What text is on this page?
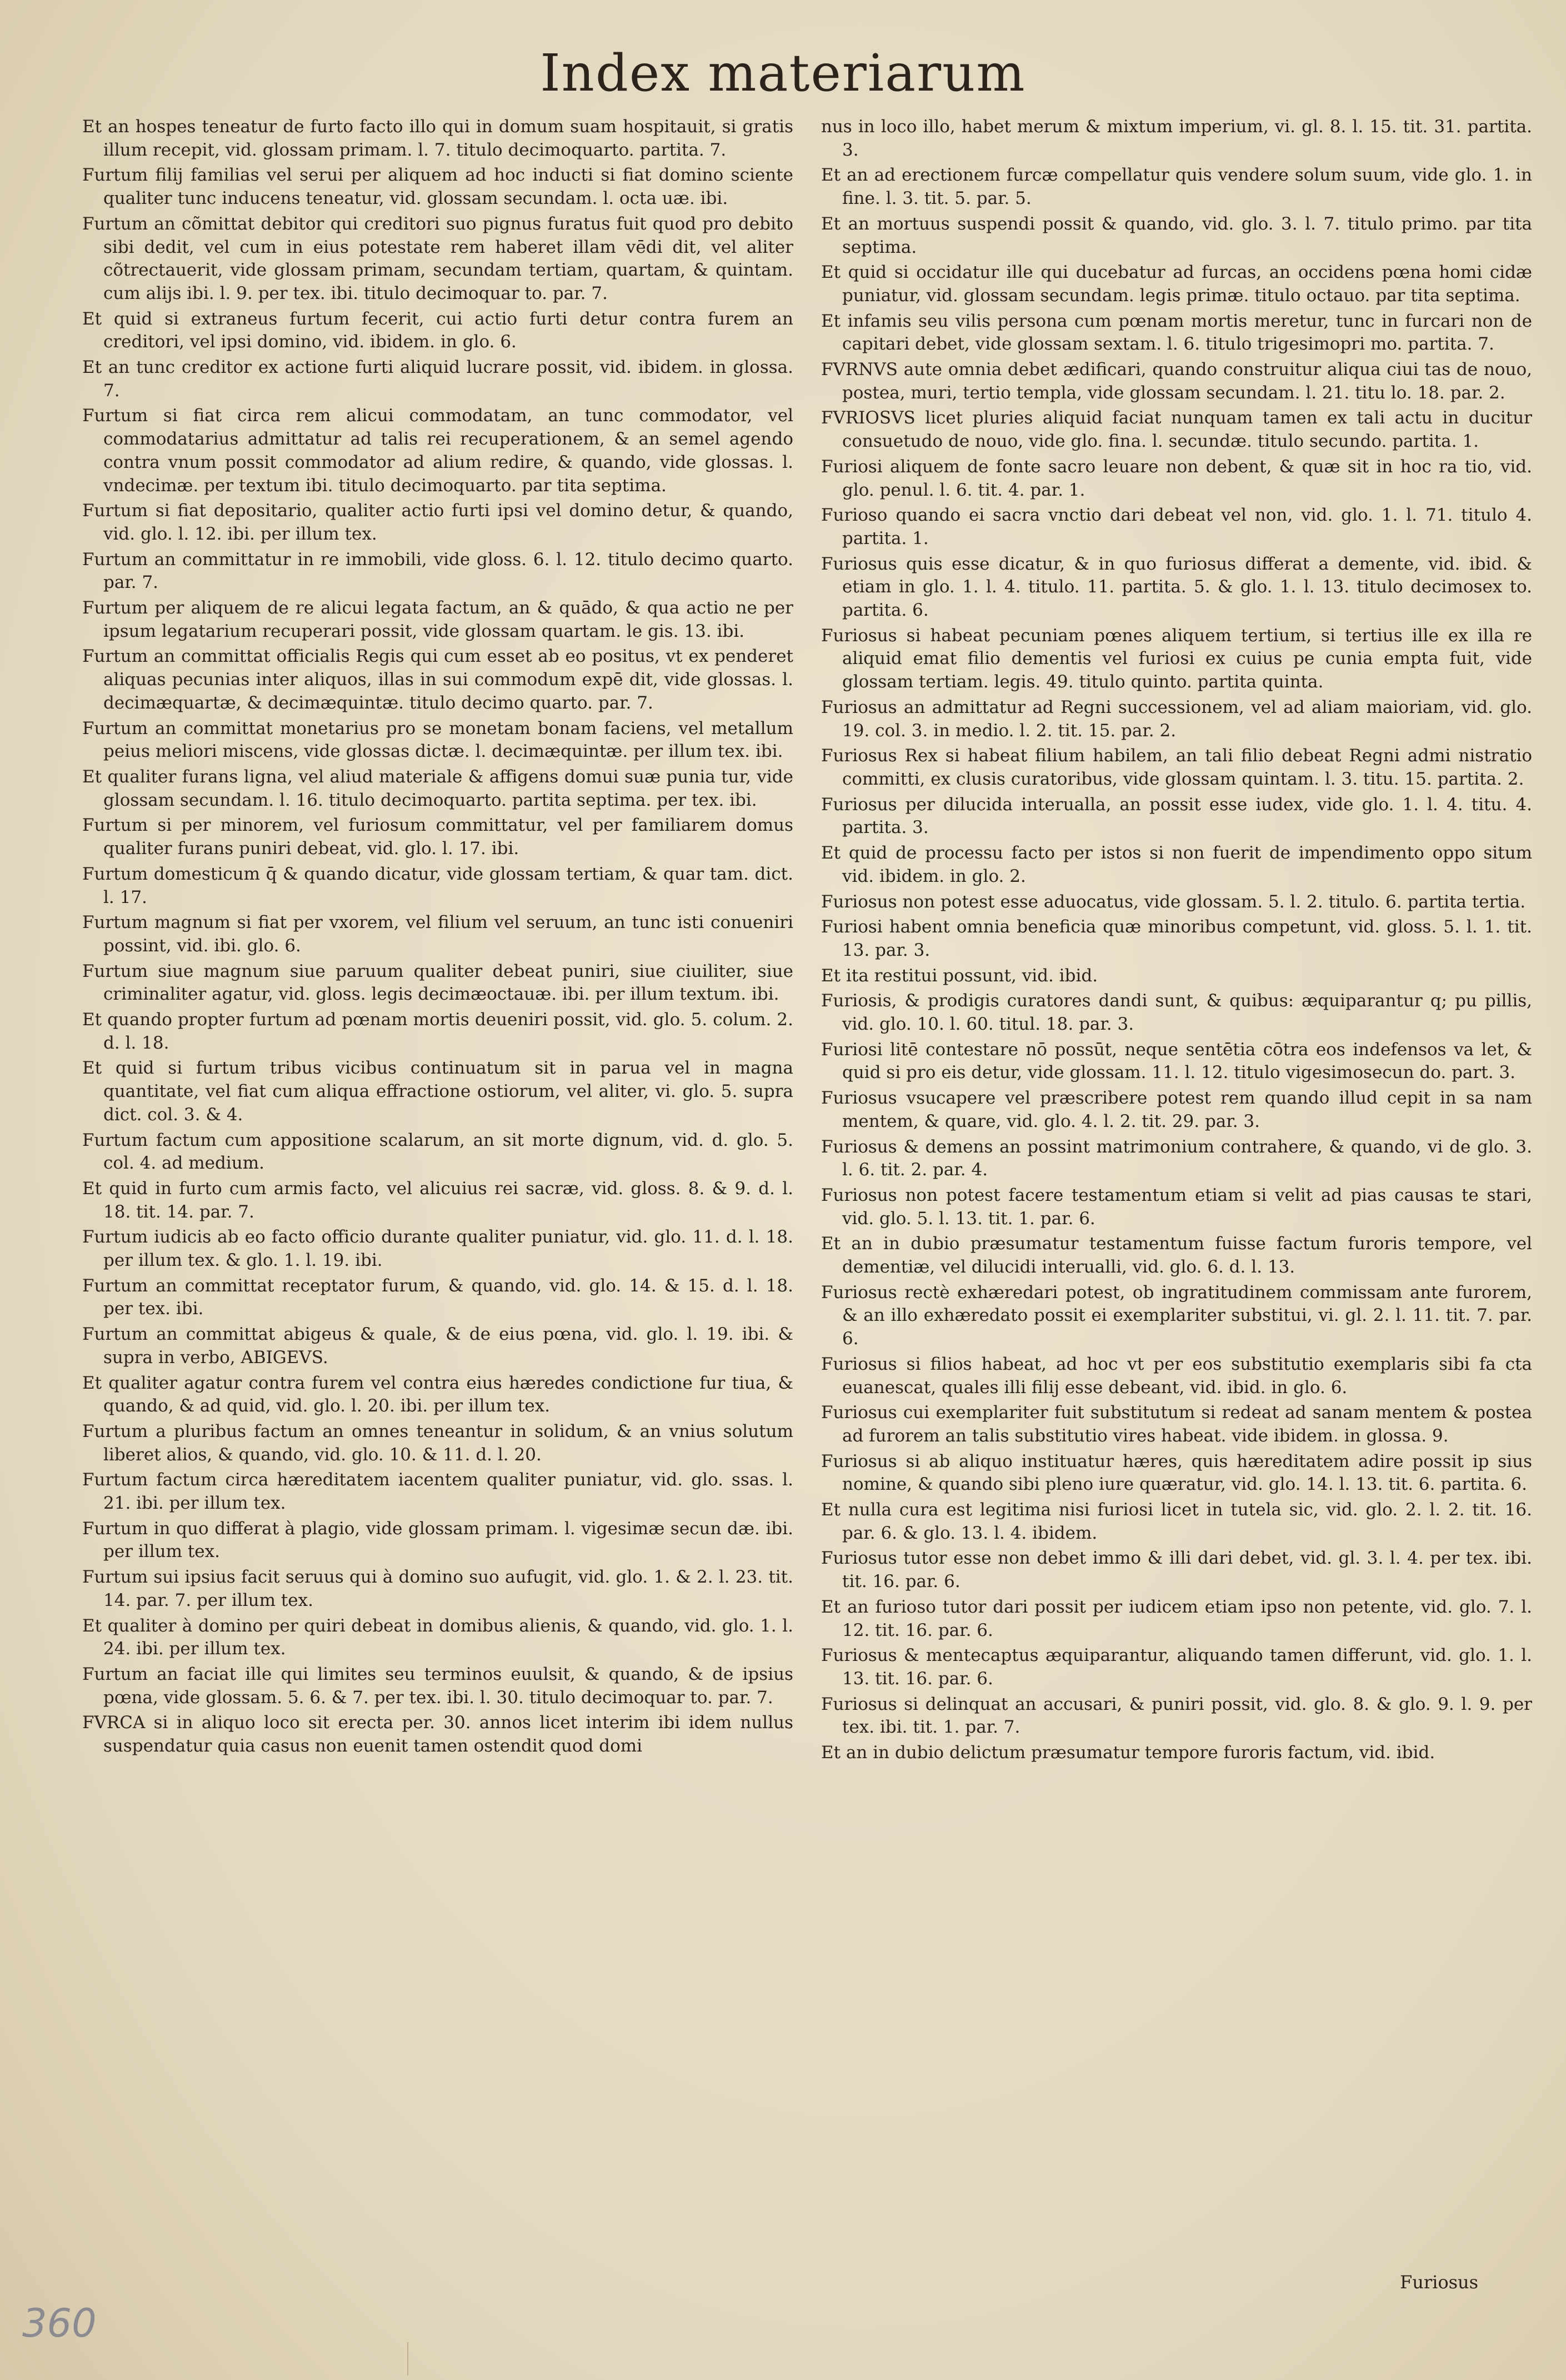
Index materiarum

Et an hospes teneatur de furto facto illo qui in domum suam hospitauit, si gratis illum recepit, vid. glossam primam. l. 7. titulo decimoquarto. partita. 7.

Furtum filij familias vel serui per aliquem ad hoc inducti si fiat domino sciente qualiter tunc inducens teneatur, vid. glossam secundam. l. octa uæ. ibi.

Furtum an cõmittat debitor qui creditori suo pignus furatus fuit quod pro debito sibi dedit, vel cum in eius potestate rem haberet illam vēdi dit, vel aliter cõtrectauerit, vide glossam primam, secundam tertiam, quartam, & quintam. cum alijs ibi. l. 9. per tex. ibi. titulo decimoquar to. par. 7.

Et quid si extraneus furtum fecerit, cui actio furti detur contra furem an creditori, vel ipsi domino, vid. ibidem. in glo. 6.

Et an tunc creditor ex actione furti aliquid lucrare possit, vid. ibidem. in glossa. 7.

Furtum si fiat circa rem alicui commodatam, an tunc commodator, vel commodatarius admittatur ad talis rei recuperationem, & an semel agendo contra vnum possit commodator ad alium redire, & quando, vide glossas. l. vndecimæ. per textum ibi. titulo decimoquarto. par tita septima.

Furtum si fiat depositario, qualiter actio furti ipsi vel domino detur, & quando, vid. glo. l. 12. ibi. per illum tex.

Furtum an committatur in re immobili, vide gloss. 6. l. 12. titulo decimo quarto. par. 7.

Furtum per aliquem de re alicui legata factum, an & quādo, & qua actio ne per ipsum legatarium recuperari possit, vide glossam quartam. le gis. 13. ibi.

Furtum an committat officialis Regis qui cum esset ab eo positus, vt ex penderet aliquas pecunias inter aliquos, illas in sui commodum expē dit, vide glossas. l. decimæquartæ, & decimæquintæ. titulo decimo quarto. par. 7.

Furtum an committat monetarius pro se monetam bonam faciens, vel metallum peius meliori miscens, vide glossas dictæ. l. decimæquintæ. per illum tex. ibi.

Et qualiter furans ligna, vel aliud materiale & affigens domui suæ punia tur, vide glossam secundam. l. 16. titulo decimoquarto. partita septima. per tex. ibi.

Furtum si per minorem, vel furiosum committatur, vel per familiarem domus qualiter furans puniri debeat, vid. glo. l. 17. ibi.

Furtum domesticum q̄ & quando dicatur, vide glossam tertiam, & quar tam. dict. l. 17.

Furtum magnum si fiat per vxorem, vel filium vel seruum, an tunc isti conueniri possint, vid. ibi. glo. 6.

Furtum siue magnum siue paruum qualiter debeat puniri, siue ciuiliter, siue criminaliter agatur, vid. gloss. legis decimæoctauæ. ibi. per illum textum. ibi.

Et quando propter furtum ad pœnam mortis deueniri possit, vid. glo. 5. colum. 2. d. l. 18.

Et quid si furtum tribus vicibus continuatum sit in parua vel in magna quantitate, vel fiat cum aliqua effractione ostiorum, vel aliter, vi. glo. 5. supra dict. col. 3. & 4.

Furtum factum cum appositione scalarum, an sit morte dignum, vid. d. glo. 5. col. 4. ad medium.

Et quid in furto cum armis facto, vel alicuius rei sacræ, vid. gloss. 8. & 9. d. l. 18. tit. 14. par. 7.

Furtum iudicis ab eo facto officio durante qualiter puniatur, vid. glo. 11. d. l. 18. per illum tex. & glo. 1. l. 19. ibi.

Furtum an committat receptator furum, & quando, vid. glo. 14. & 15. d. l. 18. per tex. ibi.

Furtum an committat abigeus & quale, & de eius pœna, vid. glo. l. 19. ibi. & supra in verbo, ABIGEVS.

Et qualiter agatur contra furem vel contra eius hæredes condictione fur tiua, & quando, & ad quid, vid. glo. l. 20. ibi. per illum tex.

Furtum a pluribus factum an omnes teneantur in solidum, & an vnius solutum liberet alios, & quando, vid. glo. 10. & 11. d. l. 20.

Furtum factum circa hæreditatem iacentem qualiter puniatur, vid. glo. ssas. l. 21. ibi. per illum tex.

Furtum in quo differat à plagio, vide glossam primam. l. vigesimæ secun dæ. ibi. per illum tex.

Furtum sui ipsius facit seruus qui à domino suo aufugit, vid. glo. 1. & 2. l. 23. tit. 14. par. 7. per illum tex.

Et qualiter à domino per quiri debeat in domibus alienis, & quando, vid. glo. 1. l. 24. ibi. per illum tex.

Furtum an faciat ille qui limites seu terminos euulsit, & quando, & de ipsius pœna, vide glossam. 5. 6. & 7. per tex. ibi. l. 30. titulo decimoquar to. par. 7.

FVRCA si in aliquo loco sit erecta per. 30. annos licet interim ibi idem nullus suspendatur quia casus non euenit tamen ostendit quod domi

nus in loco illo, habet merum & mixtum imperium, vi. gl. 8. l. 15. tit. 31. partita. 3.

Et an ad erectionem furcæ compellatur quis vendere solum suum, vide glo. 1. in fine. l. 3. tit. 5. par. 5.

Et an mortuus suspendi possit & quando, vid. glo. 3. l. 7. titulo primo. par tita septima.

Et quid si occidatur ille qui ducebatur ad furcas, an occidens pœna homi cidæ puniatur, vid. glossam secundam. legis primæ. titulo octauo. par tita septima.

Et infamis seu vilis persona cum pœnam mortis meretur, tunc in furcari non de capitari debet, vide glossam sextam. l. 6. titulo trigesimopri mo. partita. 7.

FVRNVS aute omnia debet ædificari, quando construitur aliqua ciui tas de nouo, postea, muri, tertio templa, vide glossam secundam. l. 21. titu lo. 18. par. 2.

FVRIOSVS licet pluries aliquid faciat nunquam tamen ex tali actu in ducitur consuetudo de nouo, vide glo. fina. l. secundæ. titulo secundo. partita. 1.

Furiosi aliquem de fonte sacro leuare non debent, & quæ sit in hoc ra tio, vid. glo. penul. l. 6. tit. 4. par. 1.

Furioso quando ei sacra vnctio dari debeat vel non, vid. glo. 1. l. 71. titulo 4. partita. 1.

Furiosus quis esse dicatur, & in quo furiosus differat a demente, vid. ibid. & etiam in glo. 1. l. 4. titulo. 11. partita. 5. & glo. 1. l. 13. titulo decimosex to. partita. 6.

Furiosus si habeat pecuniam pœnes aliquem tertium, si tertius ille ex illa re aliquid emat filio dementis vel furiosi ex cuius pe cunia empta fuit, vide glossam tertiam. legis. 49. titulo quinto. partita quinta.

Furiosus an admittatur ad Regni successionem, vel ad aliam maioriam, vid. glo. 19. col. 3. in medio. l. 2. tit. 15. par. 2.

Furiosus Rex si habeat filium habilem, an tali filio debeat Regni admi nistratio committi, ex clusis curatoribus, vide glossam quintam. l. 3. titu. 15. partita. 2.

Furiosus per dilucida interualla, an possit esse iudex, vide glo. 1. l. 4. titu. 4. partita. 3.

Et quid de processu facto per istos si non fuerit de impendimento oppo situm vid. ibidem. in glo. 2.

Furiosus non potest esse aduocatus, vide glossam. 5. l. 2. titulo. 6. partita tertia.

Furiosi habent omnia beneficia quæ minoribus competunt, vid. gloss. 5. l. 1. tit. 13. par. 3.

Et ita restitui possunt, vid. ibid.

Furiosis, & prodigis curatores dandi sunt, & quibus: æquiparantur q; pu pillis, vid. glo. 10. l. 60. titul. 18. par. 3.

Furiosi litē contestare nō possūt, neque sentētia cōtra eos indefensos va let, & quid si pro eis detur, vide glossam. 11. l. 12. titulo vigesimosecun do. part. 3.

Furiosus vsucapere vel præscribere potest rem quando illud cepit in sa nam mentem, & quare, vid. glo. 4. l. 2. tit. 29. par. 3.

Furiosus & demens an possint matrimonium contrahere, & quando, vi de glo. 3. l. 6. tit. 2. par. 4.

Furiosus non potest facere testamentum etiam si velit ad pias causas te stari, vid. glo. 5. l. 13. tit. 1. par. 6.

Et an in dubio præsumatur testamentum fuisse factum furoris tempore, vel dementiæ, vel dilucidi interualli, vid. glo. 6. d. l. 13.

Furiosus rectè exhæredari potest, ob ingratitudinem commissam ante furorem, & an illo exhæredato possit ei exemplariter substitui, vi. gl. 2. l. 11. tit. 7. par. 6.

Furiosus si filios habeat, ad hoc vt per eos substitutio exemplaris sibi fa cta euanescat, quales illi filij esse debeant, vid. ibid. in glo. 6.

Furiosus cui exemplariter fuit substitutum si redeat ad sanam mentem & postea ad furorem an talis substitutio vires habeat. vide ibidem. in glossa. 9.

Furiosus si ab aliquo instituatur hæres, quis hæreditatem adire possit ip sius nomine, & quando sibi pleno iure quæratur, vid. glo. 14. l. 13. tit. 6. partita. 6.

Et nulla cura est legitima nisi furiosi licet in tutela sic, vid. glo. 2. l. 2. tit. 16. par. 6. & glo. 13. l. 4. ibidem.

Furiosus tutor esse non debet immo & illi dari debet, vid. gl. 3. l. 4. per tex. ibi. tit. 16. par. 6.

Et an furioso tutor dari possit per iudicem etiam ipso non petente, vid. glo. 7. l. 12. tit. 16. par. 6.

Furiosus & mentecaptus æquiparantur, aliquando tamen differunt, vid. glo. 1. l. 13. tit. 16. par. 6.

Furiosus si delinquat an accusari, & puniri possit, vid. glo. 8. & glo. 9. l. 9. per tex. ibi. tit. 1. par. 7.

Et an in dubio delictum præsumatur tempore furoris factum, vid. ibid.

Furiosus
360
